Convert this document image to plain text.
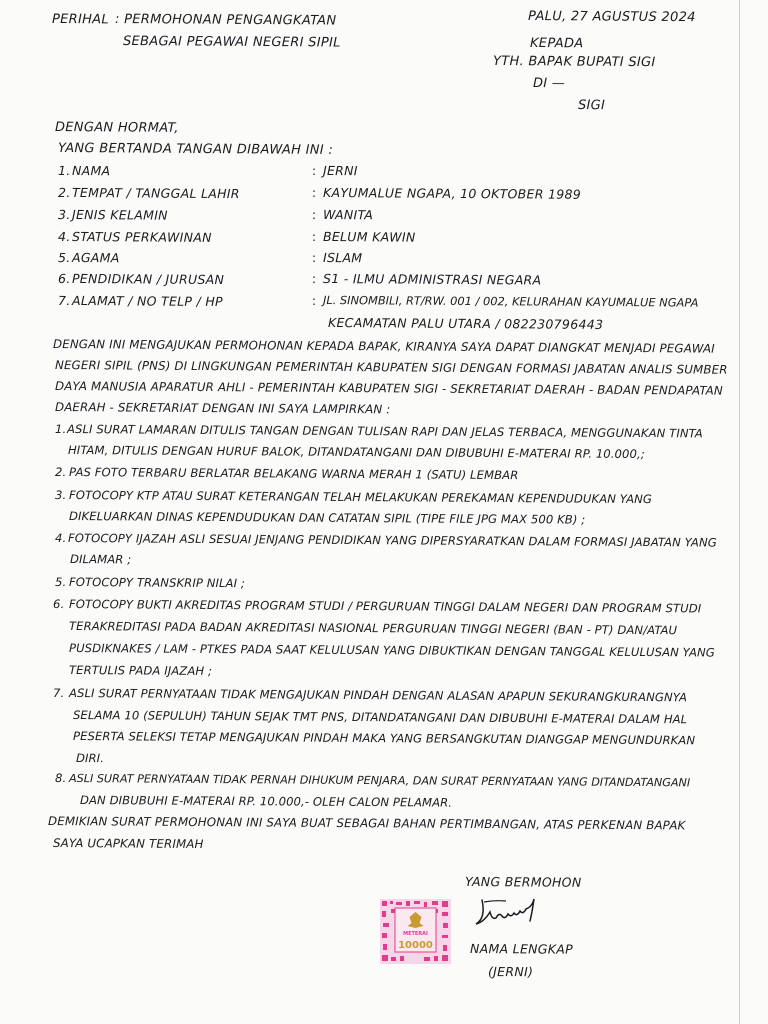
PERIHAL : PERMOHONAN PENGANGKATAN
SEBAGAI PEGAWAI NEGERI SIPIL
PALU, 27 AGUSTUS 2024
KEPADA
YTH. BAPAK BUPATI SIGI
DI —
SIGI
DENGAN HORMAT,
YANG BERTANDA TANGAN DIBAWAH INI :
1. NAMA	: JERNI
2. TEMPAT / TANGGAL LAHIR	: KAYUMALUE NGAPA, 10 OKTOBER 1989
3. JENIS KELAMIN	: WANITA
4. STATUS PERKAWINAN	: BELUM KAWIN
5. AGAMA	: ISLAM
6. PENDIDIKAN / JURUSAN	: S1 - ILMU ADMINISTRASI NEGARA
7. ALAMAT / NO TELP / HP	: JL. SINOMBILI, RT/RW. 001 / 002, KELURAHAN KAYUMALUE NGAPA
KECAMATAN PALU UTARA / 082230796443
DENGAN INI MENGAJUKAN PERMOHONAN KEPADA BAPAK, KIRANYA SAYA DAPAT DIANGKAT MENJADI PEGAWAI
NEGERI SIPIL (PNS) DI LINGKUNGAN PEMERINTAH KABUPATEN SIGI DENGAN FORMASI JABATAN ANALIS SUMBER
DAYA MANUSIA APARATUR AHLI - PEMERINTAH KABUPATEN SIGI - SEKRETARIAT DAERAH - BADAN PENDAPATAN
DAERAH - SEKRETARIAT DENGAN INI SAYA LAMPIRKAN :
1. ASLI SURAT LAMARAN DITULIS TANGAN DENGAN TULISAN RAPI DAN JELAS TERBACA, MENGGUNAKAN TINTA
HITAM, DITULIS DENGAN HURUF BALOK, DITANDATANGANI DAN DIBUBUHI E-MATERAI RP. 10.000,;
2. PAS FOTO TERBARU BERLATAR BELAKANG WARNA MERAH 1 (SATU) LEMBAR
3. FOTOCOPY KTP ATAU SURAT KETERANGAN TELAH MELAKUKAN PEREKAMAN KEPENDUDUKAN YANG
DIKELUARKAN DINAS KEPENDUDUKAN DAN CATATAN SIPIL (TIPE FILE JPG MAX 500 KB) ;
4. FOTOCOPY IJAZAH ASLI SESUAI JENJANG PENDIDIKAN YANG DIPERSYARATKAN DALAM FORMASI JABATAN YANG
DILAMAR ;
5. FOTOCOPY TRANSKRIP NILAI ;
6. FOTOCOPY BUKTI AKREDITAS PROGRAM STUDI / PERGURUAN TINGGI DALAM NEGERI DAN PROGRAM STUDI
TERAKREDITASI PADA BADAN AKREDITASI NASIONAL PERGURUAN TINGGI NEGERI (BAN - PT) DAN/ATAU
PUSDIKNAKES / LAM - PTKES PADA SAAT KELULUSAN YANG DIBUKTIKAN DENGAN TANGGAL KELULUSAN YANG
TERTULIS PADA IJAZAH ;
7. ASLI SURAT PERNYATAAN TIDAK MENGAJUKAN PINDAH DENGAN ALASAN APAPUN SEKURANGKURANGNYA
SELAMA 10 (SEPULUH) TAHUN SEJAK TMT PNS, DITANDATANGANI DAN DIBUBUHI E-MATERAI DALAM HAL
PESERTA SELEKSI TETAP MENGAJUKAN PINDAH MAKA YANG BERSANGKUTAN DIANGGAP MENGUNDURKAN
DIRI.
8. ASLI SURAT PERNYATAAN TIDAK PERNAH DIHUKUM PENJARA, DAN SURAT PERNYATAAN YANG DITANDATANGANI
DAN DIBUBUHI E-MATERAI RP. 10.000,- OLEH CALON PELAMAR.
DEMIKIAN SURAT PERMOHONAN INI SAYA BUAT SEBAGAI BAHAN PERTIMBANGAN, ATAS PERKENAN BAPAK
SAYA UCAPKAN TERIMAH
YANG BERMOHON
METERAI
10000	NAMA LENGKAP
(JERNI)
